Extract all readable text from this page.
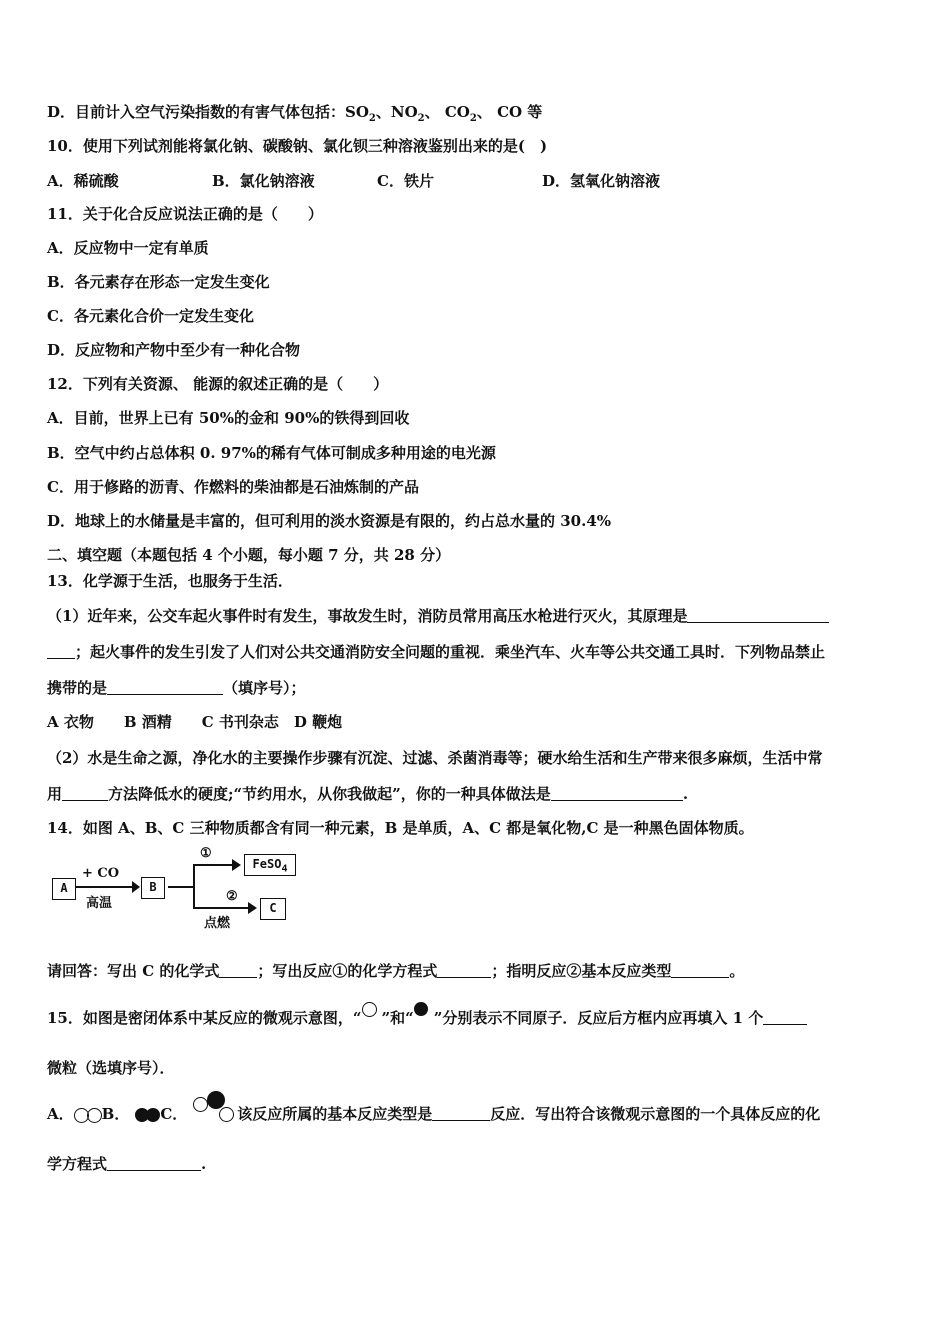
D．目前计入空气污染指数的有害气体包括：$SO_2$、$NO_2$、 $CO_2$、 CO 等
10．使用下列试剂能将氯化钠、碳酸钠、氯化钡三种溶液鉴别出来的是(　)
A．稀硫酸	B．氯化钠溶液	C．铁片	D．氢氧化钠溶液
11．关于化合反应说法正确的是（　　）
A．反应物中一定有单质
B．各元素存在形态一定发生变化
C．各元素化合价一定发生变化
D．反应物和产物中至少有一种化合物
12．下列有关资源、 能源的叙述正确的是（　　）
A．目前，世界上已有 50%的金和 90%的铁得到回收
B．空气中约占总体积 0. 97%的稀有气体可制成多种用途的电光源
C．用于修路的沥青、作燃料的柴油都是石油炼制的产品
D．地球上的水储量是丰富的，但可利用的淡水资源是有限的，约占总水量的 30.4%
二、填空题（本题包括 4 个小题，每小题 7 分，共 28 分）
13．化学源于生活，也服务于生活．
（1）近年来，公交车起火事件时有发生，事故发生时，消防员常用高压水枪进行灭火，其原理是
；起火事件的发生引发了人们对公共交通消防安全问题的重视．乘坐汽车、火车等公共交通工具时．下列物品禁止
携带的是	（填序号）；
A 衣物　　B 酒精　　C 书刊杂志　D 鞭炮
（2）水是生命之源，净化水的主要操作步骤有沉淀、过滤、杀菌消毒等；硬水给生活和生产带来很多麻烦，生活中常
用	方法降低水的硬度;“节约用水，从你我做起”，你的一种具体做法是	.
14．如图 A、B、C 三种物质都含有同一种元素，B 是单质，A、C 都是氧化物,C 是一种黑色固体物质。
A
+ CO
高温
B
①
FeSO$_4$
②
点燃
C
请回答：写出 C 的化学式	；写出反应①的化学方程式	；指明反应②基本反应类型	。
15．如图是密闭体系中某反应的微观示意图，“ ”和“ ”分别表示不同原子．反应后方框内应再填入 1 个
微粒（选填序号）．
A． B． C．	该反应所属的基本反应类型是	反应．写出符合该微观示意图的一个具体反应的化
学方程式	.
